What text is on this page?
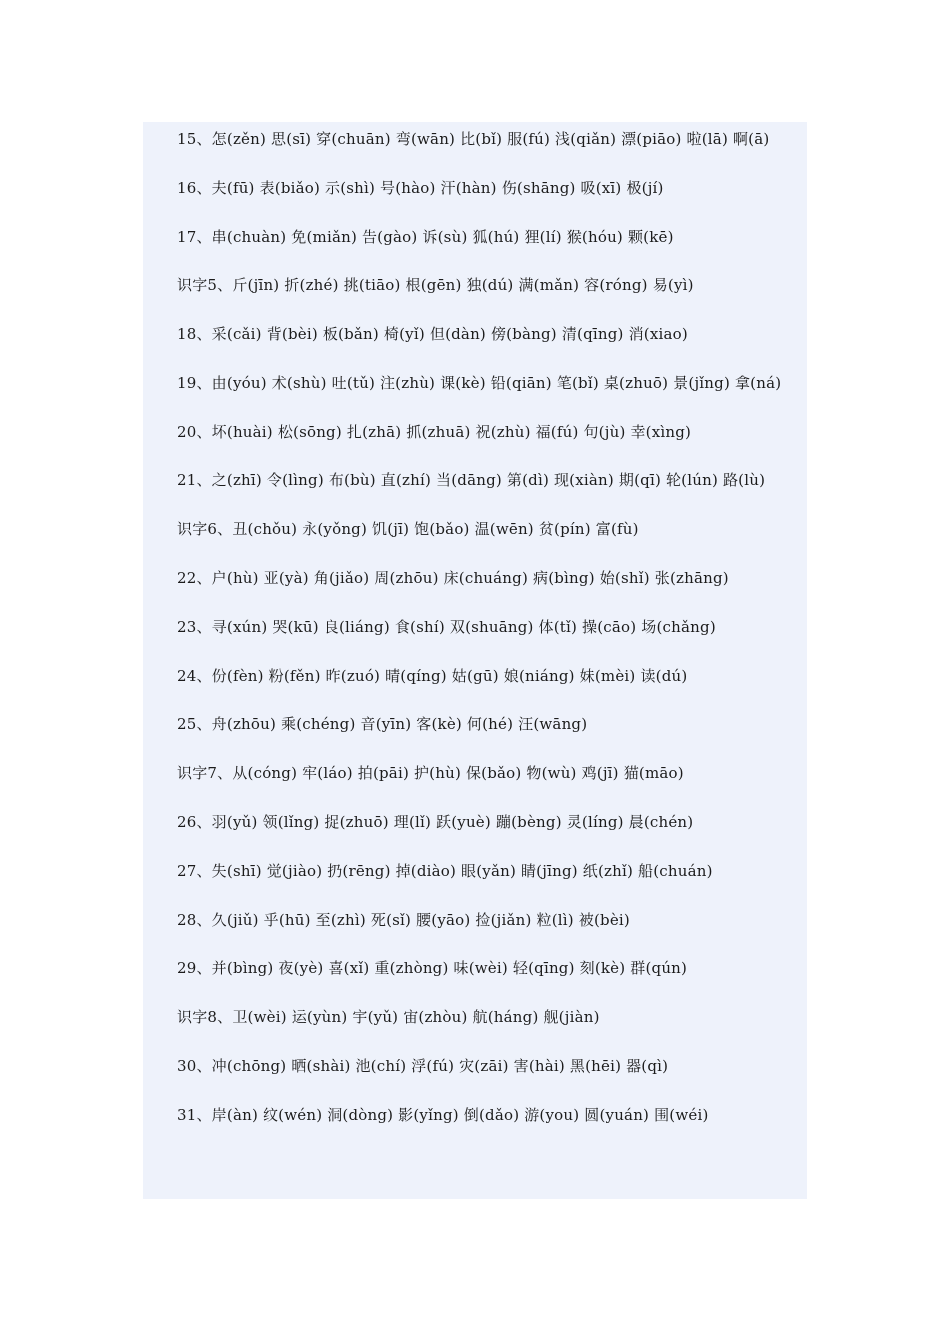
15、怎(zěn) 思(sī) 穿(chuān) 弯(wān) 比(bǐ) 服(fú) 浅(qiǎn) 漂(piāo) 啦(lā) 啊(ā)

16、夫(fū) 表(biǎo) 示(shì) 号(hào) 汗(hàn) 伤(shāng) 吸(xī) 极(jí)

17、串(chuàn) 免(miǎn) 告(gào) 诉(sù) 狐(hú) 狸(lí) 猴(hóu) 颗(kē)

识字5、斤(jīn) 折(zhé) 挑(tiāo) 根(gēn) 独(dú) 满(mǎn) 容(róng) 易(yì)

18、采(cǎi) 背(bèi) 板(bǎn) 椅(yǐ) 但(dàn) 傍(bàng) 清(qīng) 消(xiao)

19、由(yóu) 术(shù) 吐(tǔ) 注(zhù) 课(kè) 铅(qiān) 笔(bǐ) 桌(zhuō) 景(jǐng) 拿(ná)

20、坏(huài) 松(sōng) 扎(zhā) 抓(zhuā) 祝(zhù) 福(fú) 句(jù) 幸(xìng)

21、之(zhī) 令(lìng) 布(bù) 直(zhí) 当(dāng) 第(dì) 现(xiàn) 期(qī) 轮(lún) 路(lù)

识字6、丑(chǒu) 永(yǒng) 饥(jī) 饱(bǎo) 温(wēn) 贫(pín) 富(fù)

22、户(hù) 亚(yà) 角(jiǎo) 周(zhōu) 床(chuáng) 病(bìng) 始(shǐ) 张(zhāng)

23、寻(xún) 哭(kū) 良(liáng) 食(shí) 双(shuāng) 体(tǐ) 操(cāo) 场(chǎng)

24、份(fèn) 粉(fěn) 昨(zuó) 晴(qíng) 姑(gū) 娘(niáng) 妹(mèi) 读(dú)

25、舟(zhōu) 乘(chéng) 音(yīn) 客(kè) 何(hé) 汪(wāng)

识字7、从(cóng) 牢(láo) 拍(pāi) 护(hù) 保(bǎo) 物(wù) 鸡(jī) 猫(māo)

26、羽(yǔ) 领(lǐng) 捉(zhuō) 理(lǐ) 跃(yuè) 蹦(bèng) 灵(líng) 晨(chén)

27、失(shī) 觉(jiào) 扔(rēng) 掉(diào) 眼(yǎn) 睛(jīng) 纸(zhǐ) 船(chuán)

28、久(jiǔ) 乎(hū) 至(zhì) 死(sǐ) 腰(yāo) 捡(jiǎn) 粒(lì) 被(bèi)

29、并(bìng) 夜(yè) 喜(xǐ) 重(zhòng) 味(wèi) 轻(qīng) 刻(kè) 群(qún)

识字8、卫(wèi) 运(yùn) 宇(yǔ) 宙(zhòu) 航(háng) 舰(jiàn)

30、冲(chōng) 晒(shài) 池(chí) 浮(fú) 灾(zāi) 害(hài) 黑(hēi) 器(qì)

31、岸(àn) 纹(wén) 洞(dòng) 影(yǐng) 倒(dǎo) 游(you) 圆(yuán) 围(wéi)
